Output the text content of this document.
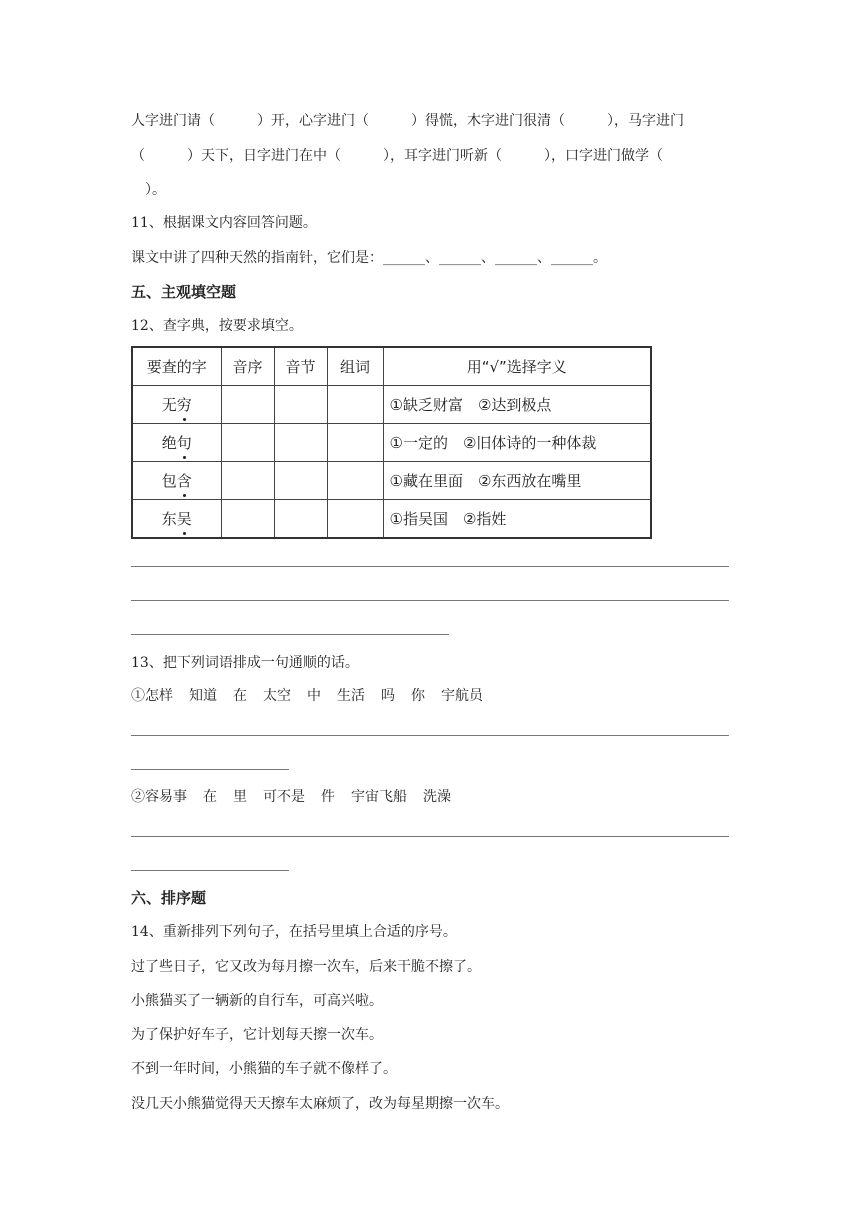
人字进门请（	）开，心字进门（	）得慌，木字进门很清（	），马字进门
（	）天下，日字进门在中（	），耳字进门听新（	），口字进门做学（
）。
11、根据课文内容回答问题。
课文中讲了四种天然的指南针，它们是：______、______、______、______。
五、主观填空题
12、查字典，按要求填空。
要查的字	音序	音节	组词	用“√”选择字义
无穷				①缺乏财富　②达到极点
绝句				①一定的　②旧体诗的一种体裁
包含				①藏在里面　②东西放在嘴里
东吴				①指吴国　②指姓
13、把下列词语排成一句通顺的话。
①怎样 知道 在 太空 中 生活 吗 你 宇航员
②容易事 在 里 可不是 件 宇宙飞船 洗澡
六、排序题
14、重新排列下列句子，在括号里填上合适的序号。
过了些日子，它又改为每月擦一次车，后来干脆不擦了。
小熊猫买了一辆新的自行车，可高兴啦。
为了保护好车子，它计划每天擦一次车。
不到一年时间，小熊猫的车子就不像样了。
没几天小熊猫觉得天天擦车太麻烦了，改为每星期擦一次车。
